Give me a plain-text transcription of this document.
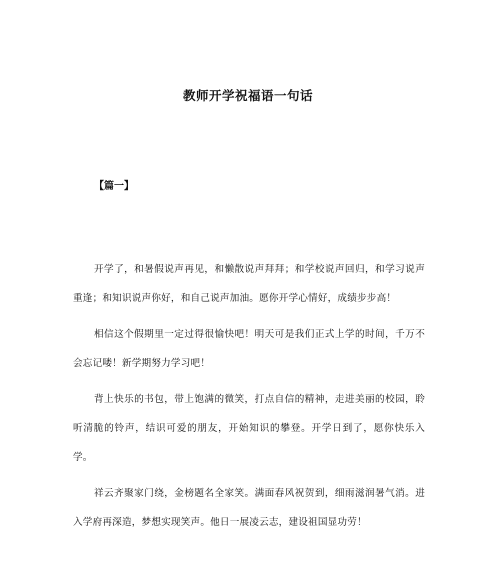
教师开学祝福语一句话

【篇一】

开学了，和暑假说声再见，和懒散说声拜拜；和学校说声回归，和学习说声重逢；和知识说声你好，和自己说声加油。愿你开学心情好，成绩步步高！

相信这个假期里一定过得很愉快吧！明天可是我们正式上学的时间，千万不会忘记喽！新学期努力学习吧！

背上快乐的书包，带上饱满的微笑，打点自信的精神，走进美丽的校园，聆听清脆的铃声，结识可爱的朋友，开始知识的攀登。开学日到了，愿你快乐入学。

祥云齐聚家门绕，金榜题名全家笑。满面春风祝贺到，细雨滋润暑气消。进入学府再深造，梦想实现笑声。他日一展凌云志，建设祖国显功劳！
